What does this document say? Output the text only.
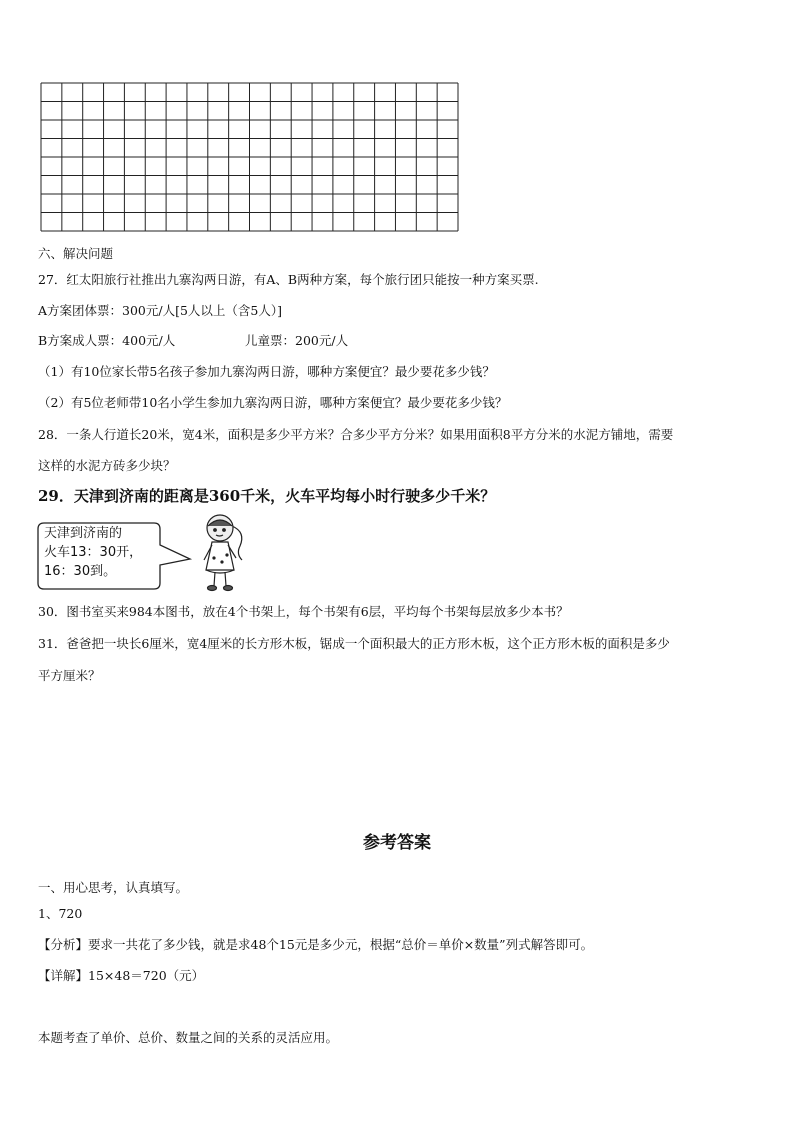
六、解决问题
27．红太阳旅行社推出九寨沟两日游，有A、B两种方案，每个旅行团只能按一种方案买票.
A方案团体票：300元/人[5人以上（含5人）]
B方案成人票：400元/人	儿童票：200元/人
（1）有10位家长带5名孩子参加九寨沟两日游，哪种方案便宜？最少要花多少钱？
（2）有5位老师带10名小学生参加九寨沟两日游，哪种方案便宜？最少要花多少钱？
28．一条人行道长20米，宽4米，面积是多少平方米？合多少平方分米？如果用面积8平方分米的水泥方铺地，需要
这样的水泥方砖多少块？
29．天津到济南的距离是360千米，火车平均每小时行驶多少千米？
天津到济南的
火车13：30开，
16：30到。
30．图书室买来984本图书，放在4个书架上，每个书架有6层，平均每个书架每层放多少本书？
31．爸爸把一块长6厘米，宽4厘米的长方形木板，锯成一个面积最大的正方形木板，这个正方形木板的面积是多少
平方厘米？
参考答案
一、用心思考，认真填写。
1、720
【分析】要求一共花了多少钱，就是求48个15元是多少元，根据“总价＝单价×数量”列式解答即可。
【详解】15×48＝720（元）
本题考查了单价、总价、数量之间的关系的灵活应用。
